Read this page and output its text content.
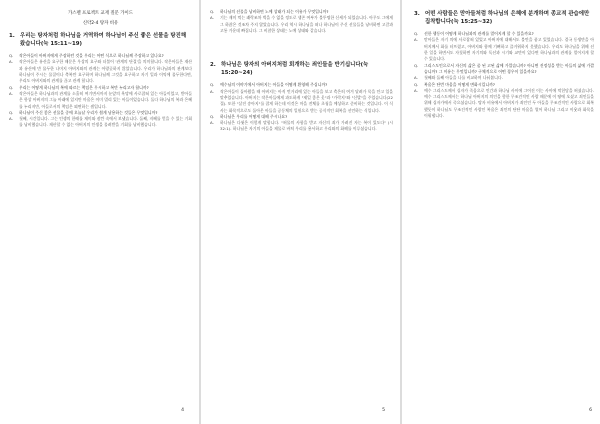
가스펠 프로젝트 교재 질문 가이드
신약2-4 탕자 비유
1. 우리는 탕자처럼 하나님을 거역하여 하나님이 주신 좋은 선물을 탕진해 왔습니다(눅 15:11~19)
Q.	작은아들이 아버지에게 주장하던 것을 우리는 어떤 식으로 하나님께 주장하고 있나요?
A.	작은아들은 유산을 요구한 때문은 우상의 요구와 더불어 '관계의 단절'을 의미합니다. 작은아들은 재산과 유산에 만 몰두한 나머지 아버지와의 관계는 아랑곳하지 않았습니다. 우리가 하나님과의 관계보다 하나님이 주시는 물질이나 축복만 요구하며 하나님께 그것을 요구하고 자기 일과 이익에 몰두한다면, 우리도 아버지와의 관계를 끊고 관계 합니다.
Q.	우리는 어떻게 하나님의 복에 따르는 책임은 무시하고 복만 누리고자 합니까?
A.	작은아들은 하나님과의 관계를 소홀히 여기면서까지 눈앞의 욕망에 사로잡혀 있는 아들이었고, 받아들은 항상 아버지의 그늘 아래에 있지만 마음은 이미 멀리 있는 아들이었습니다. 둘다 하나님의 복과 은혜를 누리지만, 아들로서의 책임은 외면하는 셈입니다.
Q.	하나님이 주신 좋은 선물을 중에 오늘날 우리가 쉽게 남용하는 것들은 무엇입니까?
A.	첫째, 시간입니다. 그는 인생의 한때를 재미와 잠깐 속에서 보냈습니다. 둘째, 지혜를 얻을 수 있는 기회를 낭비했습니다. 재산할 수 없는 아버지의 인생을 물려받을 기회를 낭비했습니다.
4
Q.	하나님의 선물을 낭비하면 노예 상태가 되는 이유가 무엇입니까?
A.	기는 재미 먹는 쾌락조차 벅을 수 없을 정도로 생존 여부가 불투명한 신세가 되었습니다. 아무도 그에게 그 하찮은 것조차 주지 않았습니다. 우리 역시 하나님을 떠나 하나님이 주신 선물들을 낭비하면 고갈과 고통 가운데 빠집니다. 그 비참한 상태는 노예 상태와 같습니다.
2. 하나님은 탕자의 아버지처럼 회개하는 죄인들을 반기십니다(눅 15:20~24)
Q.	예수님의 이야기에서 아버지는 아들을 어떻게 환영해 주십니까?
A.	작은아들이 돌아왔을 때 아버지는 아직 먼거리에 있는 아들을 보고 측은히 여겨 달려가 목을 안고 입을 맞추었습니다. 아버지는 작은아들에게 과도하게 "제일 좋은 옷"과 "가락지"와 "신발"을 주었습니다(22절). 또한 "살진 송아지"를 잡게 하는데 이것은 마을 전체를 초청을 예상하고 준비하는 것입니다. 이 식사는 화목적으로도 돌아온 아들을 공동체의 일원으로 받는 공식적인 회복을 선언하는 식입니다.
Q.	하나님은 우리를 어떻게 대해 주시나요?
A.	하나님은 다윗은 이렇게 말합니다. "허물의 사함을 받고 자신의 죄가 가려진 자는 복이 있도다" (시 32:1). 하나님은 자기의 아들을 제물로 바쳐 우리를 용서하고 우리와의 화해를 이루셨습니다.
5
3. 어떤 사람들은 맏아들처럼 하나님의 은혜에 분개하며 종교적 관습에만 집착합니다(눅 15:25~32)
Q.	선한 행동이 어떻게 하나님과의 관계를 멀어지게 할 수 있을까요?
A.	맏아들은 자기 의에 사로잡혀 있었고 아버지에 대해서도 불만을 품고 있었습니다. 결국 동생만을 아버지께서 화를 터뜨렸고, 아버지와 함께 기뻐하고 즐거워하지 못했습니다. 우리도 하나님을 위해 선한 일을 하면서도 자칫하면 자기의와 독선과 시기와 교만이 있다면 하나님과의 관계를 멀어지게 할 수 있습니다.
Q.	그리스도인으로서 자신의 삶은 좀 된 고된 삶에 가깝습니까? 아니면 진정성을 받는 아들의 삶에 가깝습니까? 그 이유는 무엇입니까? 구체적으로 어떤 경우이 있을까요?
A.	첫째와 둘째 아들을 나를 비교하며 나눠봅니다.
Q.	복음은 단번 마음을 어떻게 변화시킵니까?
A.	예수 그리스도께서 십자가 죽음으로 인간과 하나님 사이에 그어진 이는 사이에 막힌담을 허셨습니다. 예수 그리스도께서는 하나님 아버지의 의인을 향한 무조건적인 사랑 때문에 이 땅에 오셨고 죄인들을 위해 십자가에서 죽으셨습니다. 탕자 비유에서 아버지가 죄인인 두 아들을 무조건적인 사랑으로 회복했듯이 하나님도 무조건적인 사랑인 복음은 죄인의 단단 마음을 열어 하나님 그리고 이웃과 화목을 이뤄냅니다.
6
